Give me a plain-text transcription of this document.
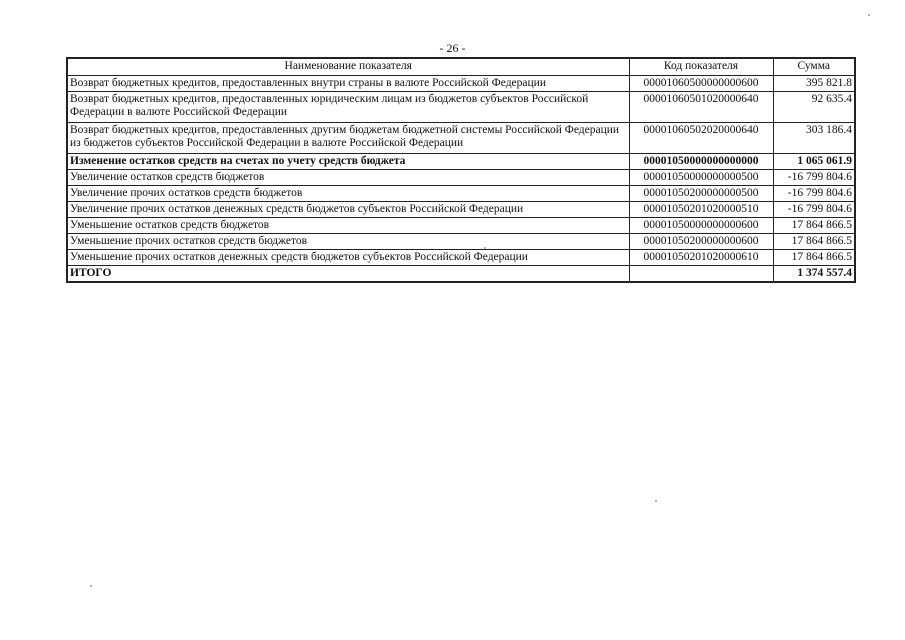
- 26 -
Наименование показателя	Код показателя	Сумма
Возврат бюджетных кредитов, предоставленных внутри страны в валюте Российской Федерации	00001060500000000600	395 821.8
Возврат бюджетных кредитов, предоставленных юридическим лицам из бюджетов субъектов Российской Федерации в валюте Российской Федерации	00001060501020000640	92 635.4
Возврат бюджетных кредитов, предоставленных другим бюджетам бюджетной системы Российской Федерации из бюджетов субъектов Российской Федерации в валюте Российской Федерации	00001060502020000640	303 186.4
Изменение остатков средств на счетах по учету средств бюджета	00001050000000000000	1 065 061.9
Увеличение остатков средств бюджетов	00001050000000000500	-16 799 804.6
Увеличение прочих остатков средств бюджетов	00001050200000000500	-16 799 804.6
Увеличение прочих остатков денежных средств бюджетов субъектов Российской Федерации	00001050201020000510	-16 799 804.6
Уменьшение остатков средств бюджетов	00001050000000000600	17 864 866.5
Уменьшение прочих остатков средств бюджетов	00001050200000000600	17 864 866.5
Уменьшение прочих остатков денежных средств бюджетов субъектов Российской Федерации	00001050201020000610	17 864 866.5
ИТОГО		1 374 557.4
